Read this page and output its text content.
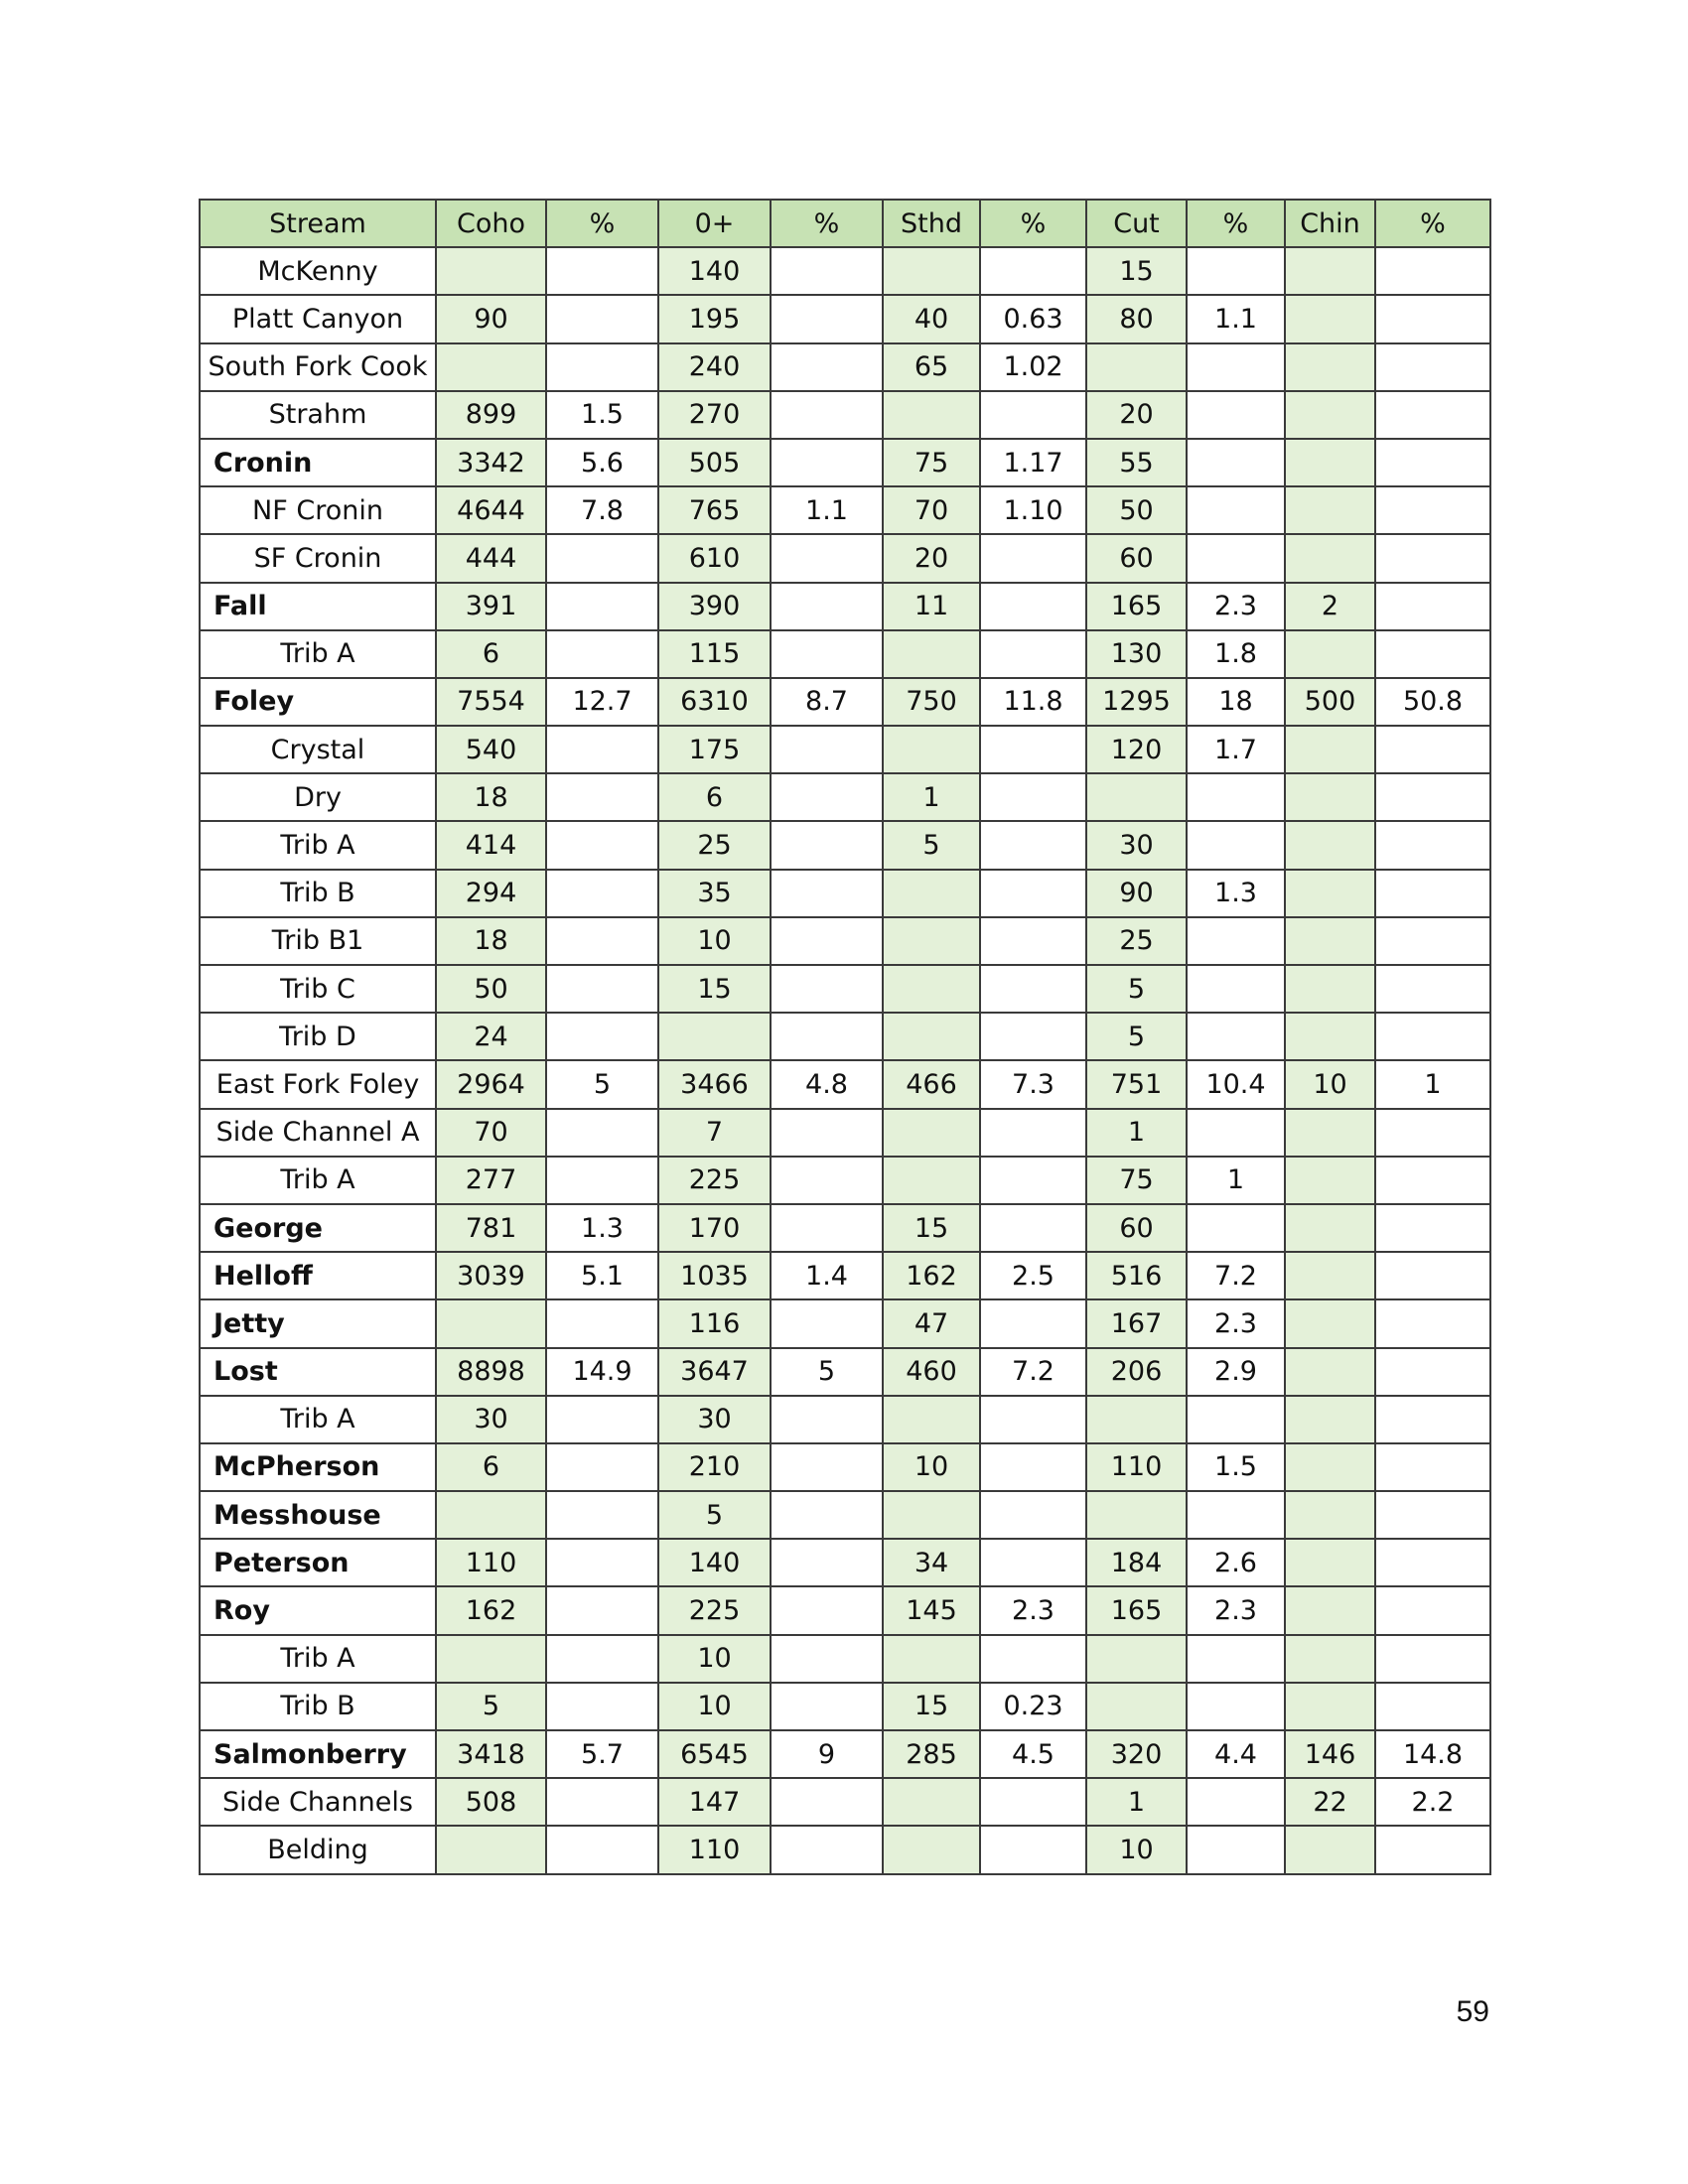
Stream	Coho	%	0+	%	Sthd	%	Cut	%	Chin	%
McKenny			140				15			
Platt Canyon	90		195		40	0.63	80	1.1		
South Fork Cook			240		65	1.02				
Strahm	899	1.5	270				20			
Cronin	3342	5.6	505		75	1.17	55			
NF Cronin	4644	7.8	765	1.1	70	1.10	50			
SF Cronin	444		610		20		60			
Fall	391		390		11		165	2.3	2	
Trib A	6		115				130	1.8		
Foley	7554	12.7	6310	8.7	750	11.8	1295	18	500	50.8
Crystal	540		175				120	1.7		
Dry	18		6		1					
Trib A	414		25		5		30			
Trib B	294		35				90	1.3		
Trib B1	18		10				25			
Trib C	50		15				5			
Trib D	24						5			
East Fork Foley	2964	5	3466	4.8	466	7.3	751	10.4	10	1
Side Channel A	70		7				1			
Trib A	277		225				75	1		
George	781	1.3	170		15		60			
Helloff	3039	5.1	1035	1.4	162	2.5	516	7.2		
Jetty			116		47		167	2.3		
Lost	8898	14.9	3647	5	460	7.2	206	2.9		
Trib A	30		30							
McPherson	6		210		10		110	1.5		
Messhouse			5							
Peterson	110		140		34		184	2.6		
Roy	162		225		145	2.3	165	2.3		
Trib A			10							
Trib B	5		10		15	0.23				
Salmonberry	3418	5.7	6545	9	285	4.5	320	4.4	146	14.8
Side Channels	508		147				1		22	2.2
Belding			110				10			
59
